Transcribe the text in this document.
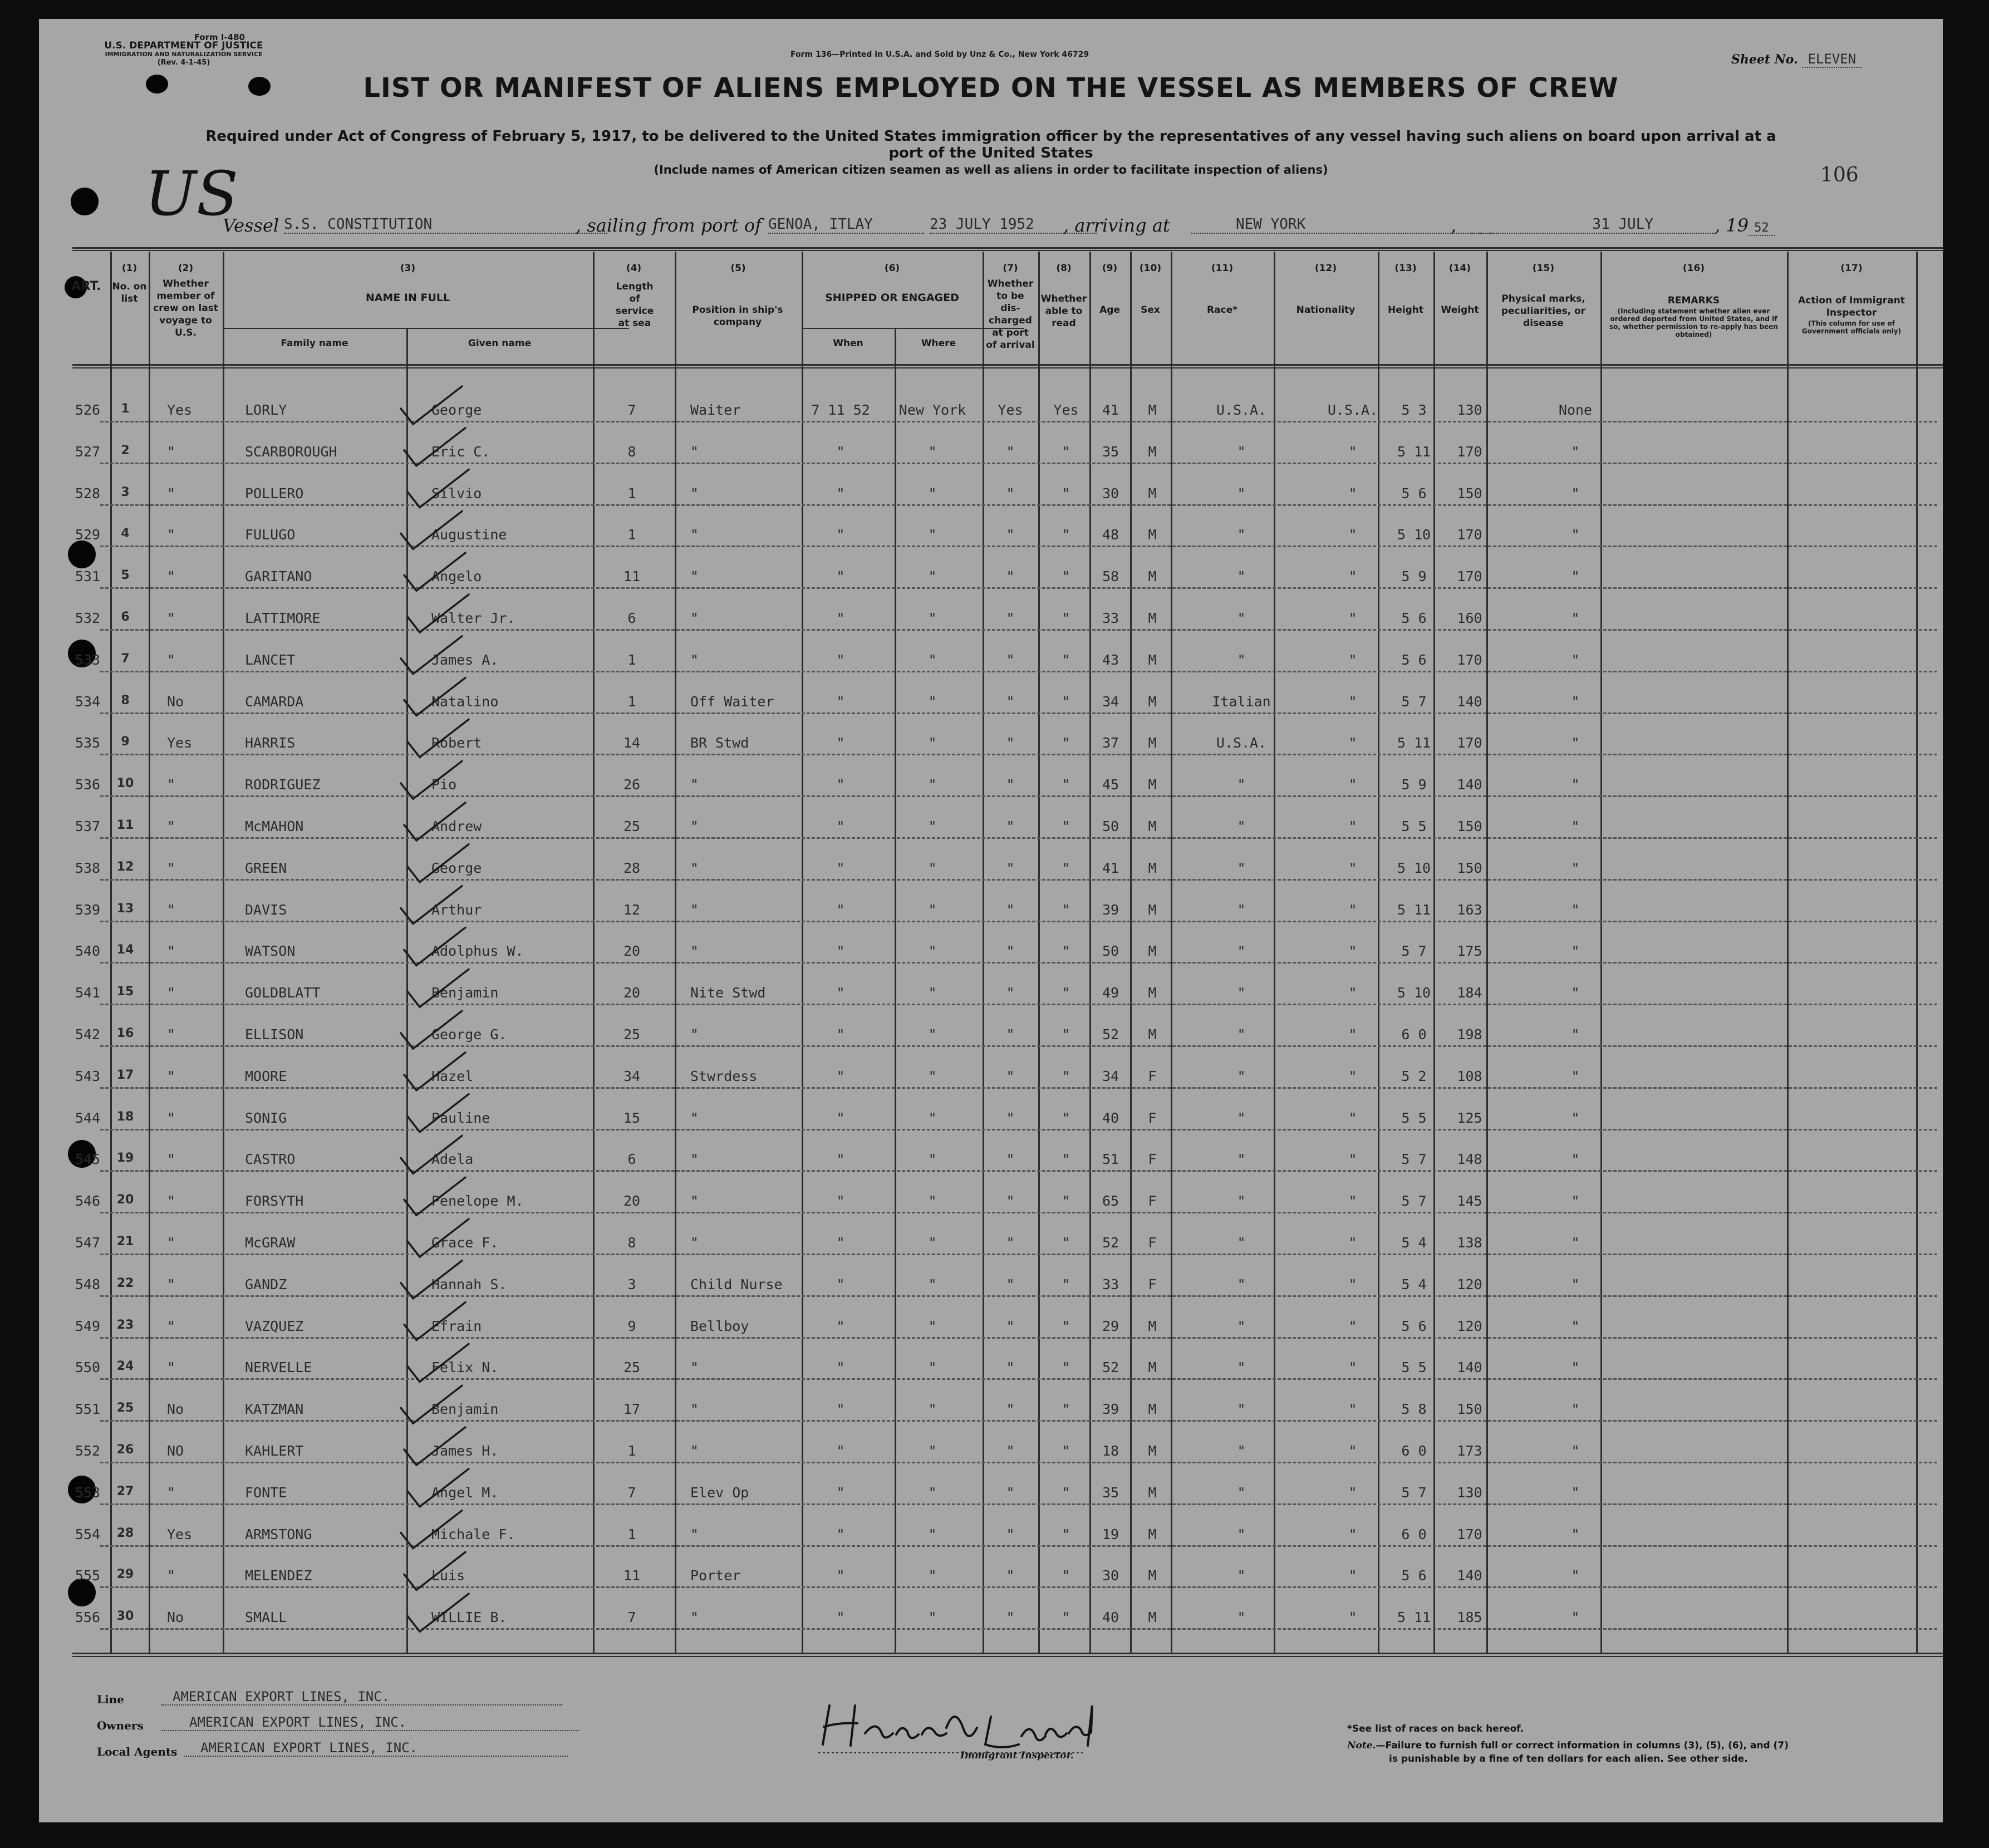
Form I-480
U.S. DEPARTMENT OF JUSTICE
IMMIGRATION AND NATURALIZATION SERVICE
(Rev. 4-1-45)
Form 136—Printed in U.S.A. and Sold by Unz & Co., New York 46729	Sheet No. ELEVEN
LIST OR MANIFEST OF ALIENS EMPLOYED ON THE VESSEL AS MEMBERS OF CREW
Required under Act of Congress of February 5, 1917, to be delivered to the United States immigration officer by the representatives of any vessel having such aliens on board upon arrival at a
port of the United States
(Include names of American citizen seamen as well as aliens in order to facilitate inspection of aliens)
US	106
Vessel S.S. CONSTITUTION	, sailing from port of GENOA, ITLAY	23 JULY 1952	, arriving at	NEW YORK	,	31 JULY	, 19 52
ART.
(1)
No. on list
(2)
Whether member of crew on last voyage to U.S.
(3)
NAME IN FULL
Family name	Given name
(4)
Length of service at sea
(5)
Position in ship's company
(6)
SHIPPED OR ENGAGED
When	Where
(7)
Whether to be dis-charged at port of arrival
(8)
Whether able to read
(9)
Age
(10)
Sex
(11)
Race*
(12)
Nationality
(13)
Height
(14)
Weight
(15)
Physical marks, peculiarities, or disease
(16)
REMARKS
(Including statement whether alien ever ordered deported from United States, and if so, whether permission to re-apply has been obtained)
(17)
Action of Immigrant Inspector
(This column for use of Government officials only)
526	1	Yes	LORLY	George	7	Waiter	7 11 52	New York	Yes	Yes	41	M	U.S.A.	U.S.A.	5 3	130	None
527	2	"	SCARBOROUGH	Eric C.	8	"	"	"	"	"	35	M	"	"	5 11	170	"
528	3	"	POLLERO	Silvio	1	"	"	"	"	"	30	M	"	"	5 6	150	"
529	4	"	FULUGO	Augustine	1	"	"	"	"	"	48	M	"	"	5 10	170	"
531	5	"	GARITANO	Angelo	11	"	"	"	"	"	58	M	"	"	5 9	170	"
532	6	"	LATTIMORE	Walter Jr.	6	"	"	"	"	"	33	M	"	"	5 6	160	"
533	7	"	LANCET	James A.	1	"	"	"	"	"	43	M	"	"	5 6	170	"
534	8	No	CAMARDA	Natalino	1	Off Waiter	"	"	"	"	34	M	Italian	"	5 7	140	"
535	9	Yes	HARRIS	Robert	14	BR Stwd	"	"	"	"	37	M	U.S.A.	"	5 11	170	"
536	10	"	RODRIGUEZ	Pio	26	"	"	"	"	"	45	M	"	"	5 9	140	"
537	11	"	McMAHON	Andrew	25	"	"	"	"	"	50	M	"	"	5 5	150	"
538	12	"	GREEN	George	28	"	"	"	"	"	41	M	"	"	5 10	150	"
539	13	"	DAVIS	Arthur	12	"	"	"	"	"	39	M	"	"	5 11	163	"
540	14	"	WATSON	Adolphus W.	20	"	"	"	"	"	50	M	"	"	5 7	175	"
541	15	"	GOLDBLATT	Benjamin	20	Nite Stwd	"	"	"	"	49	M	"	"	5 10	184	"
542	16	"	ELLISON	George G.	25	"	"	"	"	"	52	M	"	"	6 0	198	"
543	17	"	MOORE	Hazel	34	Stwrdess	"	"	"	"	34	F	"	"	5 2	108	"
544	18	"	SONIG	Pauline	15	"	"	"	"	"	40	F	"	"	5 5	125	"
545	19	"	CASTRO	Adela	6	"	"	"	"	"	51	F	"	"	5 7	148	"
546	20	"	FORSYTH	Penelope M.	20	"	"	"	"	"	65	F	"	"	5 7	145	"
547	21	"	McGRAW	Grace F.	8	"	"	"	"	"	52	F	"	"	5 4	138	"
548	22	"	GANDZ	Hannah S.	3	Child Nurse	"	"	"	"	33	F	"	"	5 4	120	"
549	23	"	VAZQUEZ	Efrain	9	Bellboy	"	"	"	"	29	M	"	"	5 6	120	"
550	24	"	NERVELLE	Felix N.	25	"	"	"	"	"	52	M	"	"	5 5	140	"
551	25	No	KATZMAN	Benjamin	17	"	"	"	"	"	39	M	"	"	5 8	150	"
552	26	NO	KAHLERT	James H.	1	"	"	"	"	"	18	M	"	"	6 0	173	"
553	27	"	FONTE	Angel M.	7	Elev Op	"	"	"	"	35	M	"	"	5 7	130	"
554	28	Yes	ARMSTONG	Michale F.	1	"	"	"	"	"	19	M	"	"	6 0	170	"
555	29	"	MELENDEZ	Luis	11	Porter	"	"	"	"	30	M	"	"	5 6	140	"
556	30	No	SMALL	WILLIE B.	7	"	"	"	"	"	40	M	"	"	5 11	185	"
Line	AMERICAN EXPORT LINES, INC.
Owners	AMERICAN EXPORT LINES, INC.
Local Agents	AMERICAN EXPORT LINES, INC.	Immigrant Inspector.
*See list of races on back hereof.
Note.—Failure to furnish full or correct information in columns (3), (5), (6), and (7)
is punishable by a fine of ten dollars for each alien. See other side.
